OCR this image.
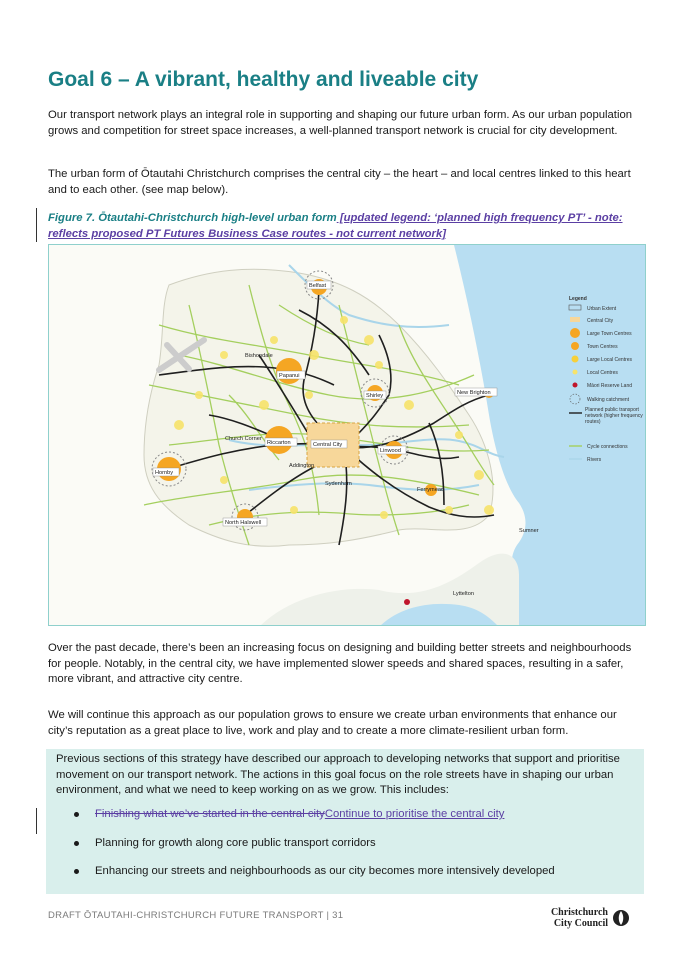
Goal 6 – A vibrant, healthy and liveable city

Our transport network plays an integral role in supporting and shaping our future urban form. As our urban population grows and competition for street space increases, a well-planned transport network is crucial for city development.

The urban form of Ōtautahi Christchurch comprises the central city – the heart – and local centres linked to this heart and to each other. (see map below).

Figure 7. Ōtautahi-Christchurch high-level urban form [updated legend: ‘planned high frequency PT’ - note: reflects proposed PT Futures Business Case routes - not current network]
Belfast
Bishopdale
Papanui
Shirley	New Brighton
Church Corner
Riccarton	Central City
Linwood
Addington
Hornby
Sydenham
Ferrymead
North Halswell
Sumner
Lyttelton
Legend
Urban Extent
Central City
Large Town Centres
Town Centres
Large Local Centres
Local Centres
Māori Reserve Land
Walking catchment
Planned public transport network (higher frequency routes)
Cycle connections
Rivers

Over the past decade, there’s been an increasing focus on designing and building better streets and neighbourhoods for people. Notably, in the central city, we have implemented slower speeds and shared spaces, resulting in a safer, more vibrant, and attractive city centre.

We will continue this approach as our population grows to ensure we create urban environments that enhance our city’s reputation as a great place to live, work and play and to create a more climate-resilient urban form.

Previous sections of this strategy have described our approach to developing networks that support and prioritise movement on our transport network. The actions in this goal focus on the role streets have in shaping our urban environment, and what we need to keep working on as we grow. This includes:

Finishing what we’ve started in the central cityContinue to prioritise the central city
Planning for growth along core public transport corridors
Enhancing our streets and neighbourhoods as our city becomes more intensively developed
DRAFT ŌTAUTAHI-CHRISTCHURCH FUTURE TRANSPORT | 31	Christchurch
City Council
